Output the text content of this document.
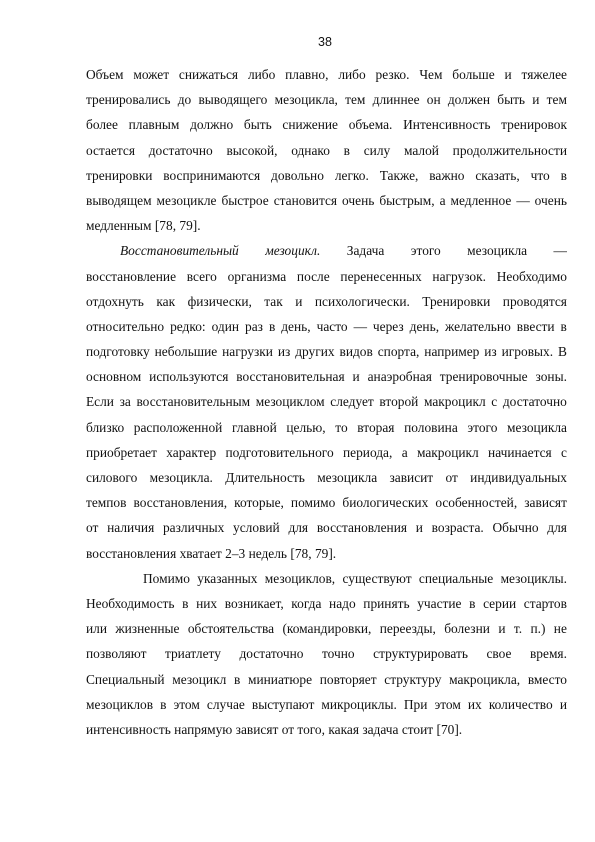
38
Объем может снижаться либо плавно, либо резко. Чем больше и тяжелее
тренировались до выводящего мезоцикла, тем длиннее он должен быть и тем
более плавным должно быть снижение объема. Интенсивность тренировок
остается достаточно высокой, однако в силу малой продолжительности
тренировки воспринимаются довольно легко. Также, важно сказать, что в
выводящем мезоцикле быстрое становится очень быстрым, а медленное — очень
медленным [78, 79].
Восстановительный мезоцикл. Задача этого мезоцикла —
восстановление всего организма после перенесенных нагрузок. Необходимо
отдохнуть как физически, так и психологически. Тренировки проводятся
относительно редко: один раз в день, часто — через день, желательно ввести в
подготовку небольшие нагрузки из других видов спорта, например из игровых. В
основном используются восстановительная и анаэробная тренировочные зоны.
Если за восстановительным мезоциклом следует второй макроцикл с достаточно
близко расположенной главной целью, то вторая половина этого мезоцикла
приобретает характер подготовительного периода, а макроцикл начинается с
силового мезоцикла. Длительность мезоцикла зависит от индивидуальных
темпов восстановления, которые, помимо биологических особенностей, зависят
от наличия различных условий для восстановления и возраста. Обычно для
восстановления хватает 2–3 недель [78, 79].
Помимо указанных мезоциклов, существуют специальные мезоциклы.
Необходимость в них возникает, когда надо принять участие в серии стартов
или жизненные обстоятельства (командировки, переезды, болезни и т. п.) не
позволяют триатлету достаточно точно структурировать свое время.
Специальный мезоцикл в миниатюре повторяет структуру макроцикла, вместо
мезоциклов в этом случае выступают микроциклы. При этом их количество и
интенсивность напрямую зависят от того, какая задача стоит [70].
